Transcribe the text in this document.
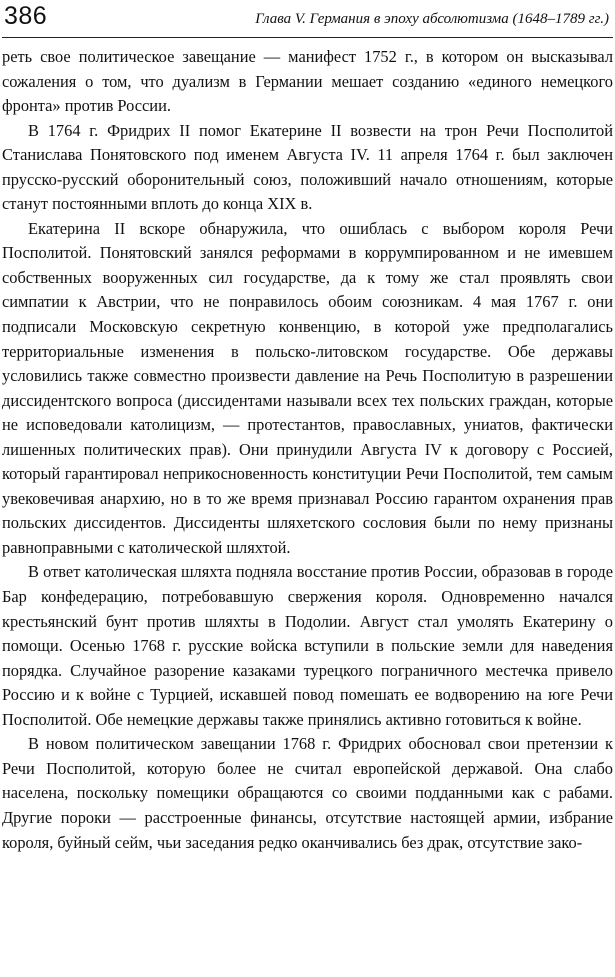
386	Глава V. Германия в эпоху абсолютизма (1648–1789 гг.)

реть свое политическое завещание — манифест 1752 г., в котором он высказывал сожаления о том, что дуализм в Германии мешает созданию «единого немецкого фронта» против России.

В 1764 г. Фридрих II помог Екатерине II возвести на трон Речи Посполитой Станислава Понятовского под именем Августа IV. 11 апреля 1764 г. был заключен прусско-русский оборонительный союз, положивший начало отношениям, которые станут постоянными вплоть до конца XIX в.

Екатерина II вскоре обнаружила, что ошиблась с выбором короля Речи Посполитой. Понятовский занялся реформами в коррумпированном и не имевшем собственных вооруженных сил государстве, да к тому же стал проявлять свои симпатии к Австрии, что не понравилось обоим союзникам. 4 мая 1767 г. они подписали Московскую секретную конвенцию, в которой уже предполагались территориальные изменения в польско-литовском государстве. Обе державы условились также совместно произвести давление на Речь Посполитую в разрешении диссидентского вопроса (диссидентами называли всех тех польских граждан, которые не исповедовали католицизм, — протестантов, православных, униатов, фактически лишенных политических прав). Они принудили Августа IV к договору с Россией, который гарантировал неприкосновенность конституции Речи Посполитой, тем самым увековечивая анархию, но в то же время признавал Россию гарантом охранения прав польских диссидентов. Диссиденты шляхетского сословия были по нему признаны равноправными с католической шляхтой.

В ответ католическая шляхта подняла восстание против России, образовав в городе Бар конфедерацию, потребовавшую свержения короля. Одновременно начался крестьянский бунт против шляхты в Подолии. Август стал умолять Екатерину о помощи. Осенью 1768 г. русские войска вступили в польские земли для наведения порядка. Случайное разорение казаками турецкого пограничного местечка привело Россию и к войне с Турцией, искавшей повод помешать ее водворению на юге Речи Посполитой. Обе немецкие державы также принялись активно готовиться к войне.

В новом политическом завещании 1768 г. Фридрих обосновал свои претензии к Речи Посполитой, которую более не считал европейской державой. Она слабо населена, поскольку помещики обращаются со своими подданными как с рабами. Другие пороки — расстроенные финансы, отсутствие настоящей армии, избрание короля, буйный сейм, чьи заседания редко оканчивались без драк, отсутствие зако-
